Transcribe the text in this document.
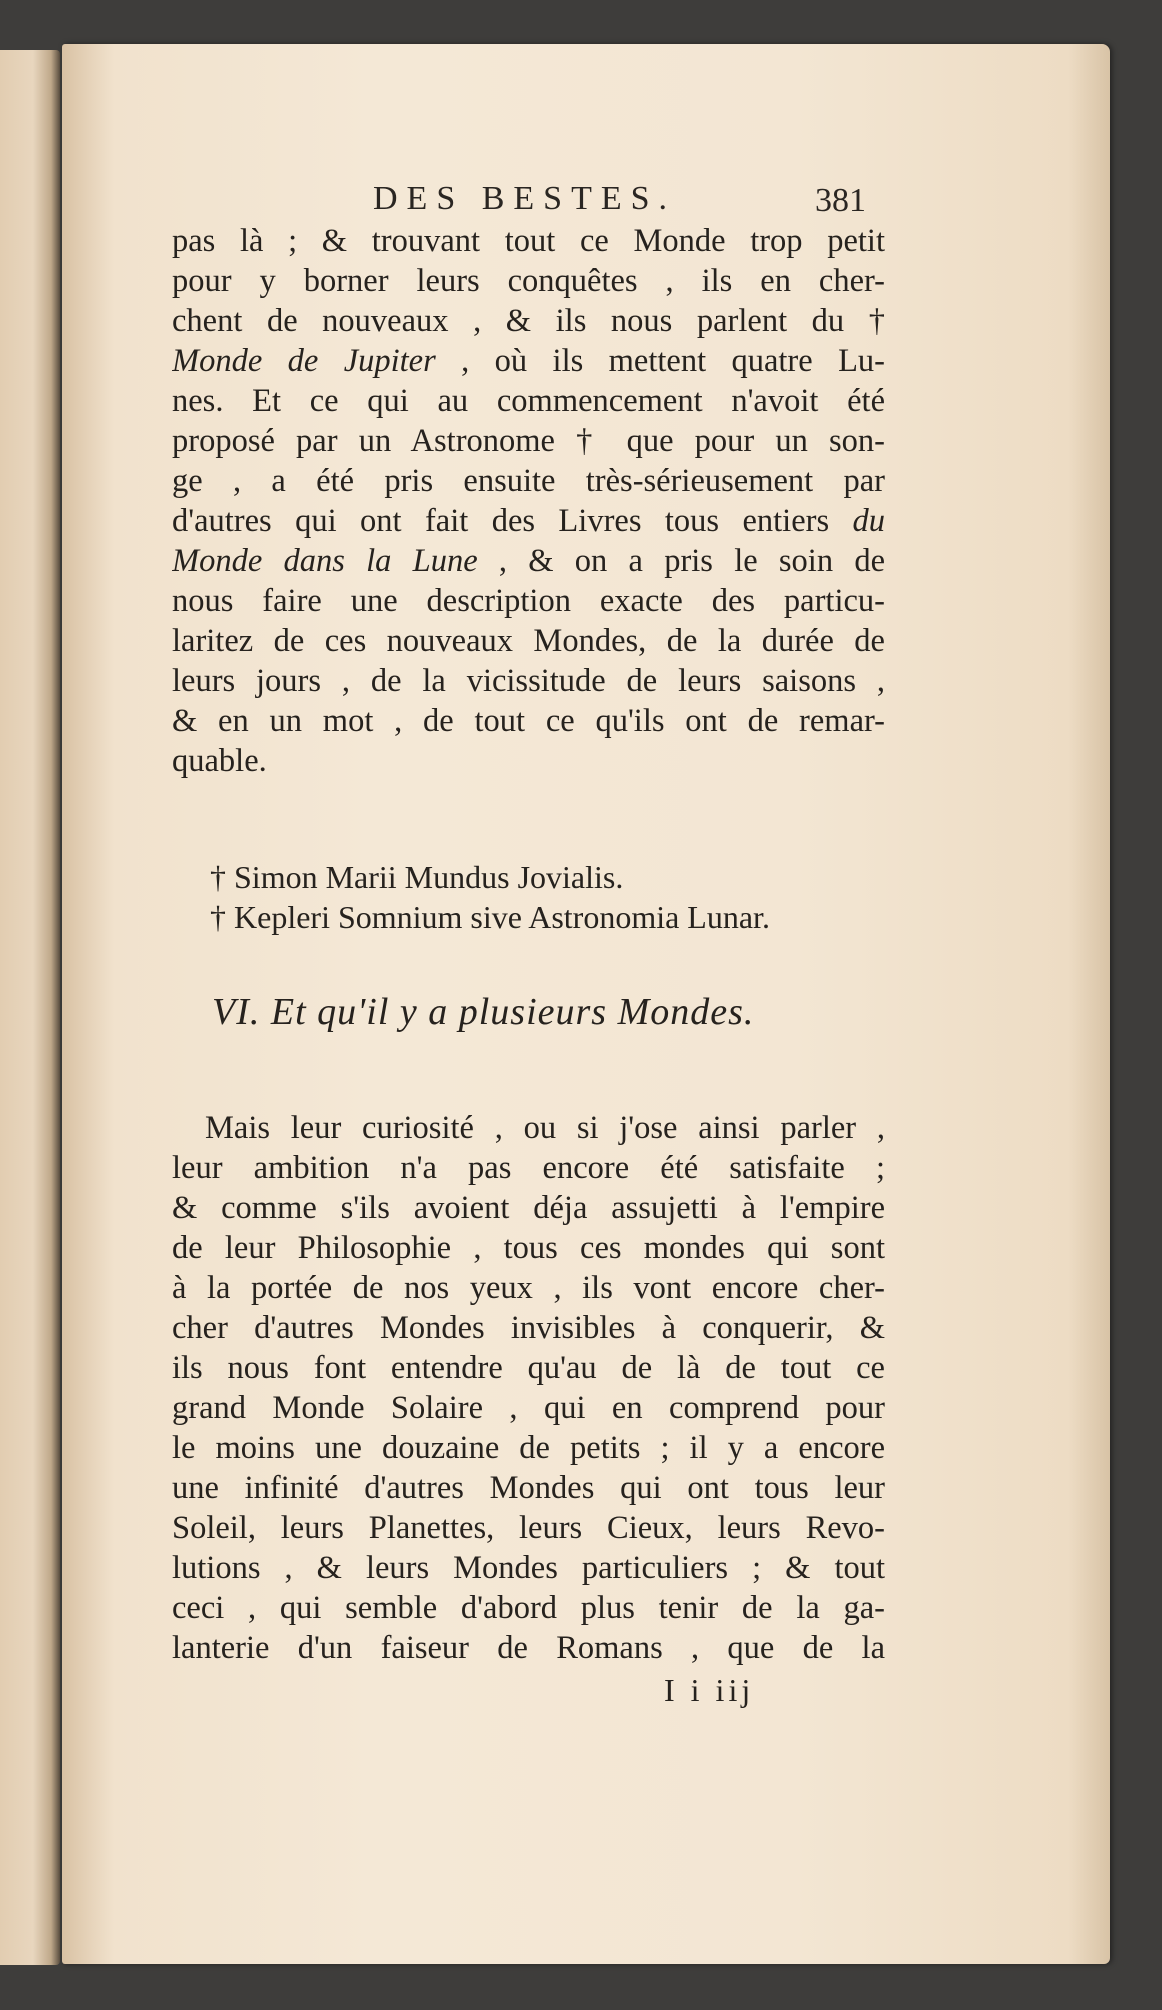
DES BESTES.	381
pas là ; & trouvant tout ce Monde trop petit
pour y borner leurs conquêtes , ils en cher-
chent de nouveaux , & ils nous parlent du †
Monde de Jupiter , où ils mettent quatre Lu-
nes. Et ce qui au commencement n'avoit été
proposé par un Astronome † que pour un son-
ge , a été pris ensuite très-sérieusement par
d'autres qui ont fait des Livres tous entiers du
Monde dans la Lune , & on a pris le soin de
nous faire une description exacte des particu-
laritez de ces nouveaux Mondes, de la durée de
leurs jours , de la vicissitude de leurs saisons ,
& en un mot , de tout ce qu'ils ont de remar-
quable.
† Simon Marii Mundus Jovialis.
† Kepleri Somnium sive Astronomia Lunar.
VI. Et qu'il y a plusieurs Mondes.
Mais leur curiosité , ou si j'ose ainsi parler ,
leur ambition n'a pas encore été satisfaite ;
& comme s'ils avoient déja assujetti à l'empire
de leur Philosophie , tous ces mondes qui sont
à la portée de nos yeux , ils vont encore cher-
cher d'autres Mondes invisibles à conquerir, &
ils nous font entendre qu'au de là de tout ce
grand Monde Solaire , qui en comprend pour
le moins une douzaine de petits ; il y a encore
une infinité d'autres Mondes qui ont tous leur
Soleil, leurs Planettes, leurs Cieux, leurs Revo-
lutions , & leurs Mondes particuliers ; & tout
ceci , qui semble d'abord plus tenir de la ga-
lanterie d'un faiseur de Romans , que de la
I i iij
